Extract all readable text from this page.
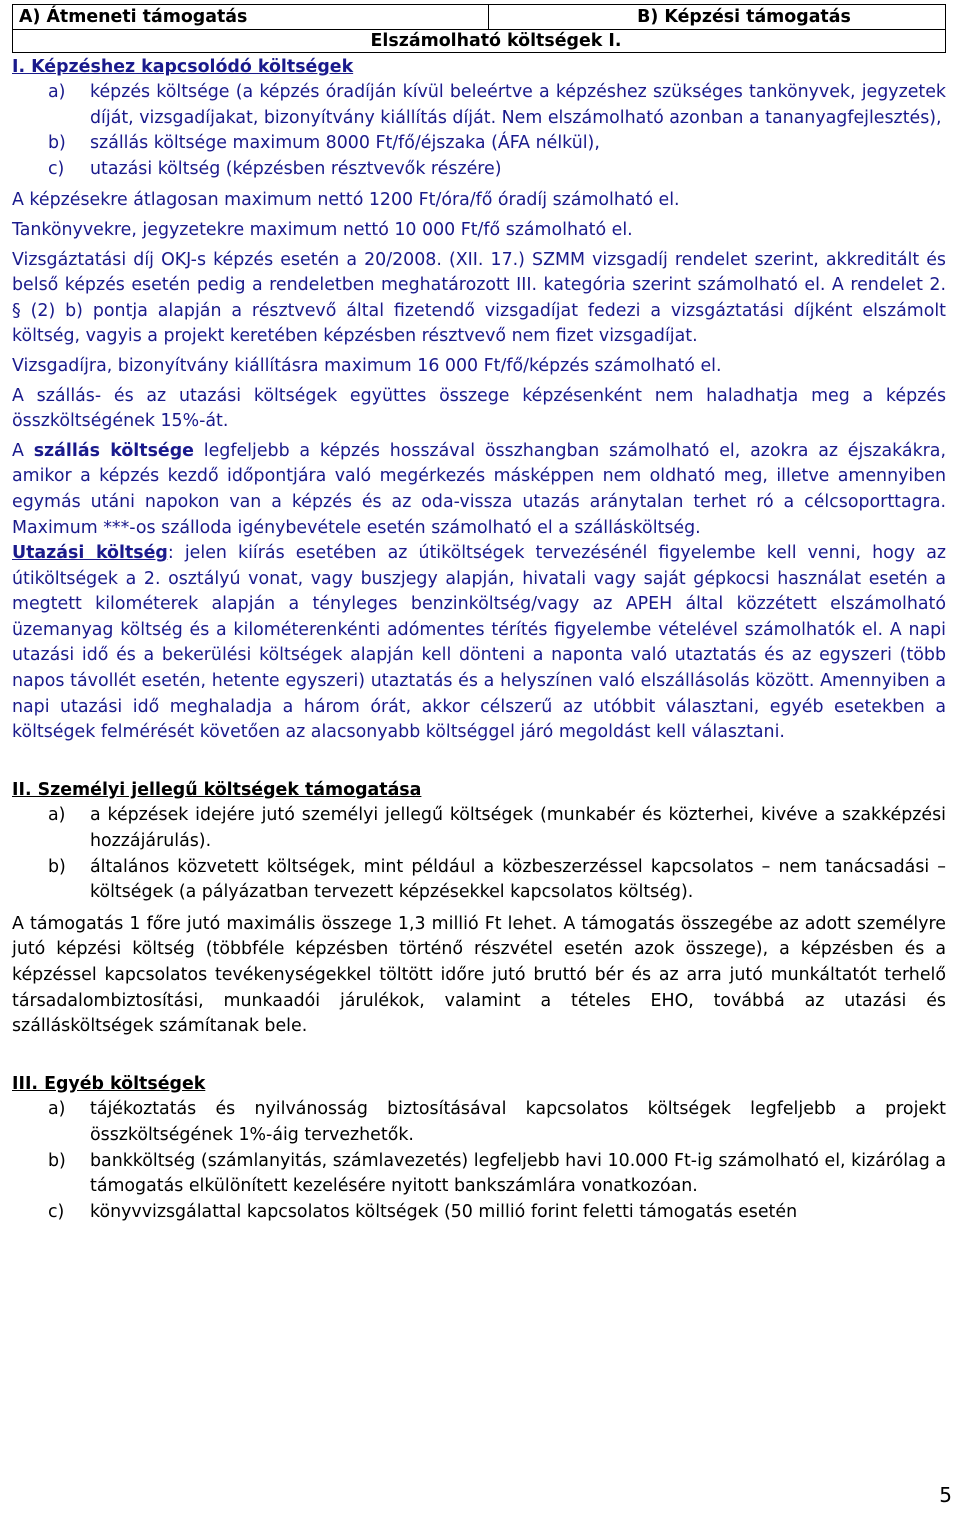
A) Átmeneti támogatás	B) Képzési támogatás
Elszámolható költségek I.

I. Képzéshez kapcsolódó költségek

a)	képzés költsége (a képzés óradíján kívül beleértve a képzéshez szükséges tankönyvek, jegyzetek díját, vizsgadíjakat, bizonyítvány kiállítás díját. Nem elszámolható azonban a tananyagfejlesztés),
b)	szállás költsége maximum 8000 Ft/fő/éjszaka (ÁFA nélkül),
c)	utazási költség (képzésben résztvevők részére)

A képzésekre átlagosan maximum nettó 1200 Ft/óra/fő óradíj számolható el.

Tankönyvekre, jegyzetekre maximum nettó 10 000 Ft/fő számolható el.

Vizsgáztatási díj OKJ-s képzés esetén a 20/2008. (XII. 17.) SZMM vizsgadíj rendelet szerint, akkreditált és belső képzés esetén pedig a rendeletben meghatározott III. kategória szerint számolható el. A rendelet 2. § (2) b) pontja alapján a résztvevő által fizetendő vizsgadíjat fedezi a vizsgáztatási díjként elszámolt költség, vagyis a projekt keretében képzésben résztvevő nem fizet vizsgadíjat.

Vizsgadíjra, bizonyítvány kiállításra maximum 16 000 Ft/fő/képzés számolható el.

A szállás- és az utazási költségek együttes összege képzésenként nem haladhatja meg a képzés összköltségének 15%-át.

A szállás költsége legfeljebb a képzés hosszával összhangban számolható el, azokra az éjszakákra, amikor a képzés kezdő időpontjára való megérkezés másképpen nem oldható meg, illetve amennyiben egymás utáni napokon van a képzés és az oda-vissza utazás aránytalan terhet ró a célcsoporttagra. Maximum ***-os szálloda igénybevétele esetén számolható el a szállásköltség.

Utazási költség: jelen kiírás esetében az útiköltségek tervezésénél figyelembe kell venni, hogy az útiköltségek a 2. osztályú vonat, vagy buszjegy alapján, hivatali vagy saját gépkocsi használat esetén a megtett kilométerek alapján a tényleges benzinköltség/vagy az APEH által közzétett elszámolható üzemanyag költség és a kilométerenkénti adómentes térítés figyelembe vételével számolhatók el. A napi utazási idő és a bekerülési költségek alapján kell dönteni a naponta való utaztatás és az egyszeri (több napos távollét esetén, hetente egyszeri) utaztatás és a helyszínen való elszállásolás között. Amennyiben a napi utazási idő meghaladja a három órát, akkor célszerű az utóbbit választani, egyéb esetekben a költségek felmérését követően az alacsonyabb költséggel járó megoldást kell választani.

II. Személyi jellegű költségek támogatása

a)	a képzések idejére jutó személyi jellegű költségek (munkabér és közterhei, kivéve a szakképzési hozzájárulás).
b)	általános közvetett költségek, mint például a közbeszerzéssel kapcsolatos – nem tanácsadási – költségek (a pályázatban tervezett képzésekkel kapcsolatos költség).

A támogatás 1 főre jutó maximális összege 1,3 millió Ft lehet. A támogatás összegébe az adott személyre jutó képzési költség (többféle képzésben történő részvétel esetén azok összege), a képzésben és a képzéssel kapcsolatos tevékenységekkel töltött időre jutó bruttó bér és az arra jutó munkáltatót terhelő társadalombiztosítási, munkaadói járulékok, valamint a tételes EHO, továbbá az utazási és szállásköltségek számítanak bele.

III. Egyéb költségek

a)	tájékoztatás és nyilvánosság biztosításával kapcsolatos költségek legfeljebb a projekt összköltségének 1%-áig tervezhetők.
b)	bankköltség (számlanyitás, számlavezetés) legfeljebb havi 10.000 Ft-ig számolható el, kizárólag a támogatás elkülönített kezelésére nyitott bankszámlára vonatkozóan.
c)	könyvvizsgálattal kapcsolatos költségek (50 millió forint feletti támogatás esetén
5
